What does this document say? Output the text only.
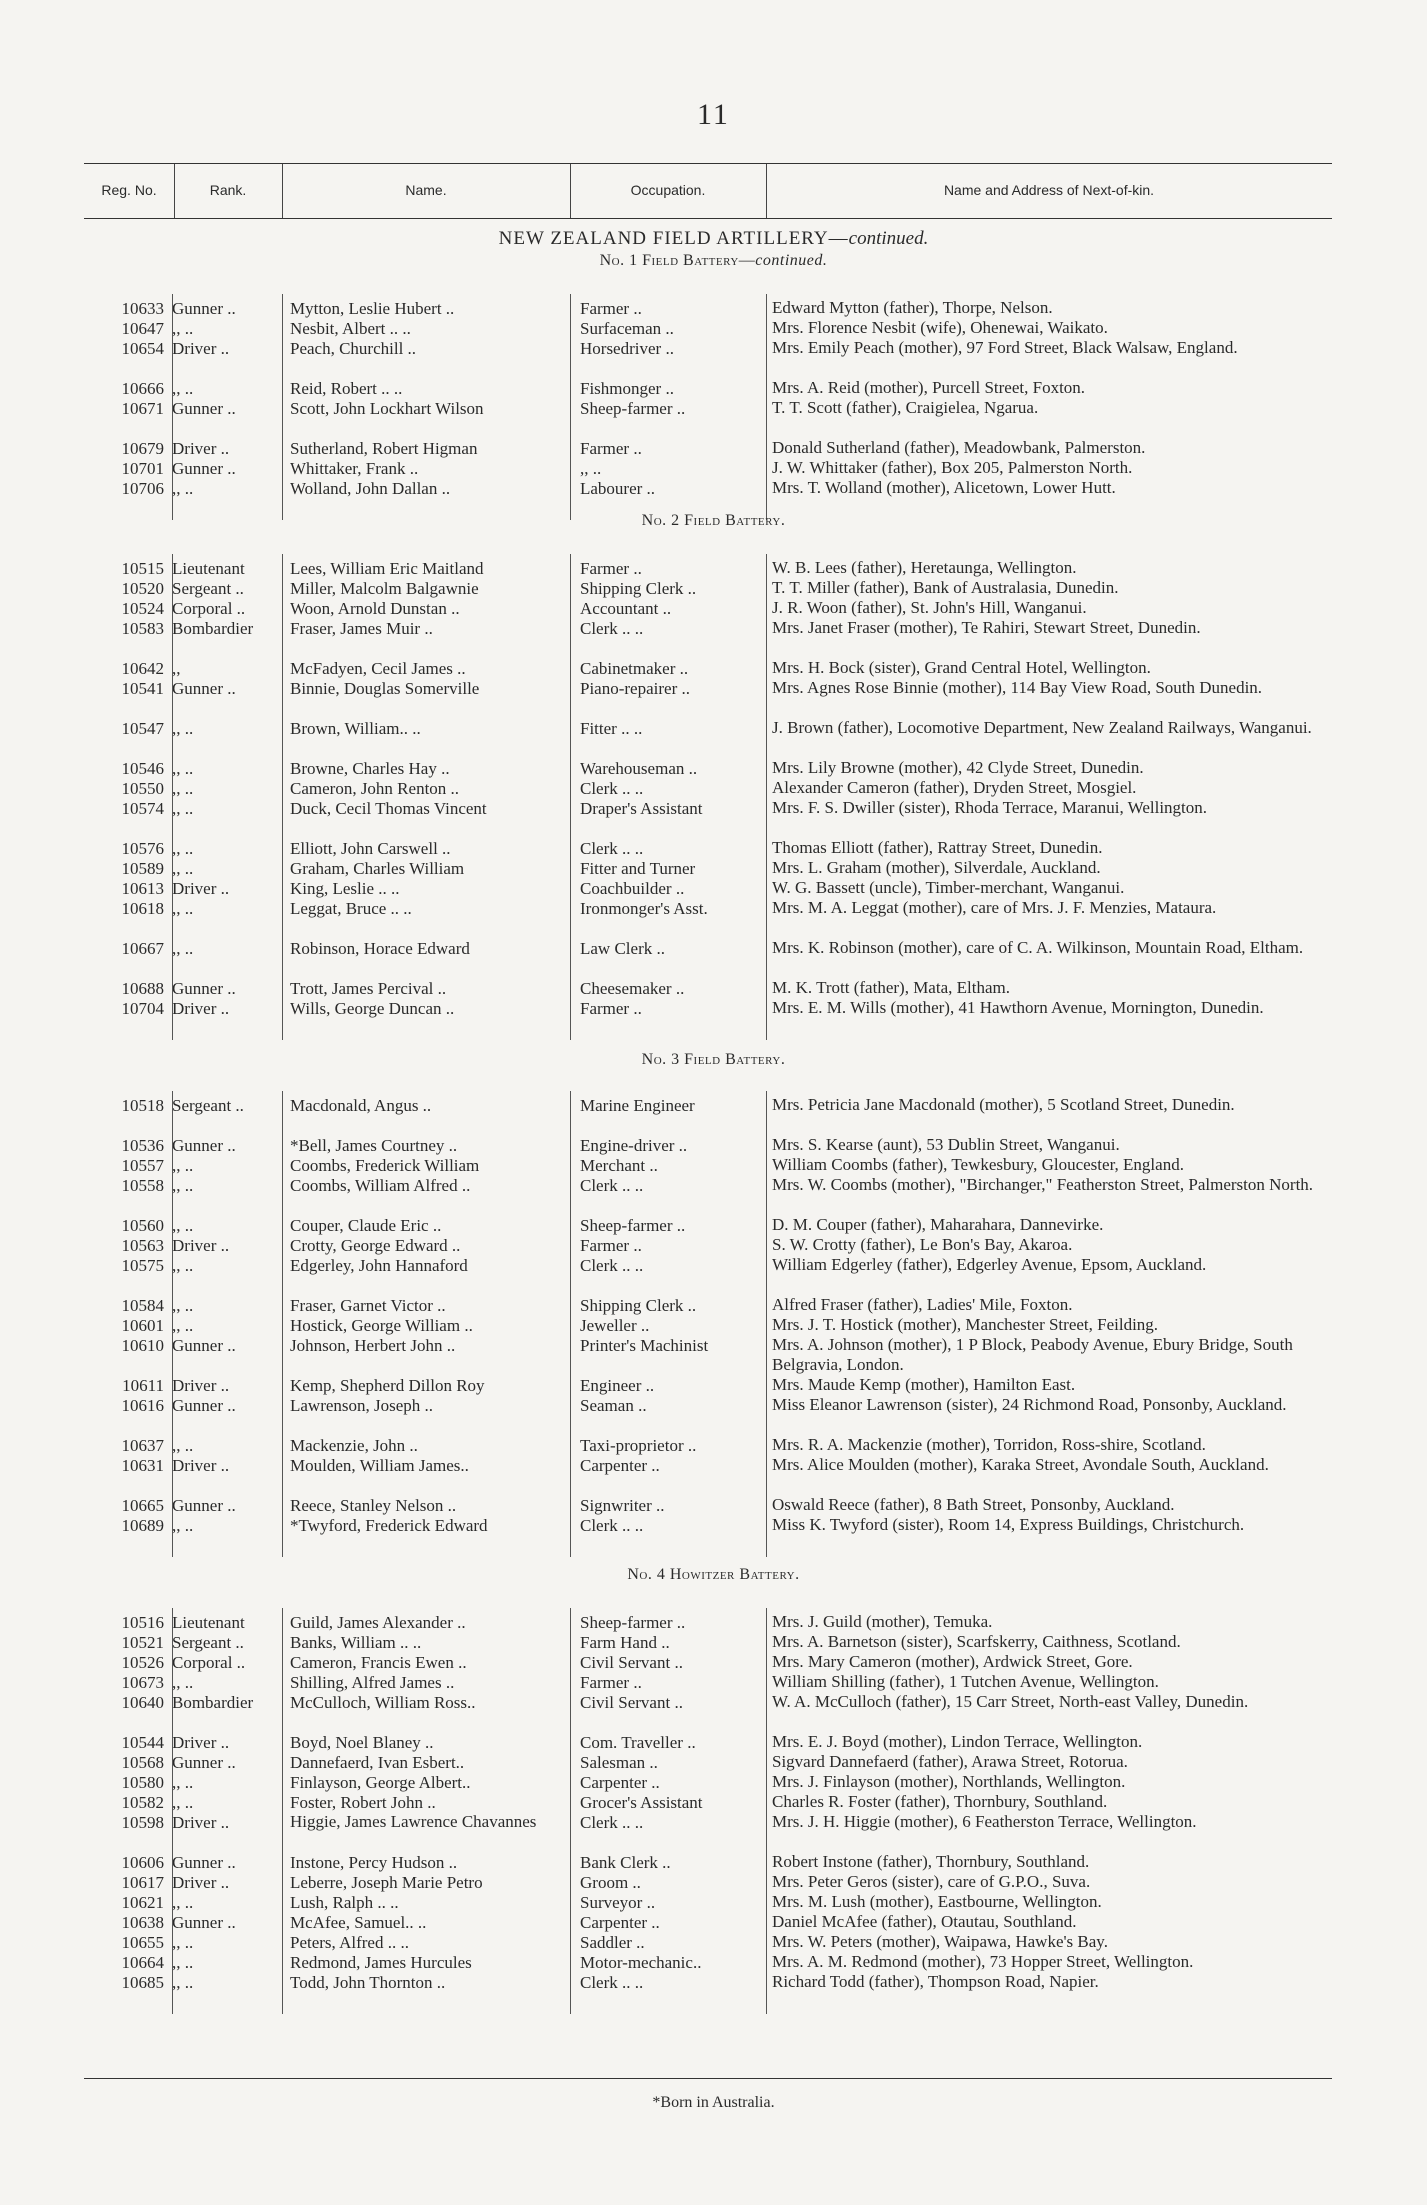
11
Reg. No.	Rank.	Name.	Occupation.	Name and Address of Next-of-kin.
NEW ZEALAND FIELD ARTILLERY—continued.
No. 1 Field Battery—continued.
10633 Gunner ..	Mytton, Leslie Hubert ..	Farmer ..	Edward Mytton (father), Thorpe, Nelson.
10647 ,, ..	Nesbit, Albert .. ..	Surfaceman ..	Mrs. Florence Nesbit (wife), Ohenewai, Waikato.
10654 Driver ..	Peach, Churchill ..	Horsedriver ..	Mrs. Emily Peach (mother), 97 Ford Street, Black Walsaw, England.
10666 ,, ..	Reid, Robert .. ..	Fishmonger ..	Mrs. A. Reid (mother), Purcell Street, Foxton.
10671 Gunner ..	Scott, John Lockhart Wilson	Sheep-farmer ..	T. T. Scott (father), Craigielea, Ngarua.
10679 Driver ..	Sutherland, Robert Higman	Farmer ..	Donald Sutherland (father), Meadowbank, Palmerston.
10701 Gunner ..	Whittaker, Frank ..	,, ..	J. W. Whittaker (father), Box 205, Palmerston North.
10706 ,, ..	Wolland, John Dallan ..	Labourer ..	Mrs. T. Wolland (mother), Alicetown, Lower Hutt.
No. 2 Field Battery.
10515 Lieutenant	Lees, William Eric Maitland	Farmer ..	W. B. Lees (father), Heretaunga, Wellington.
10520 Sergeant ..	Miller, Malcolm Balgawnie	Shipping Clerk ..	T. T. Miller (father), Bank of Australasia, Dunedin.
10524 Corporal ..	Woon, Arnold Dunstan ..	Accountant ..	J. R. Woon (father), St. John's Hill, Wanganui.
10583 Bombardier	Fraser, James Muir ..	Clerk .. ..	Mrs. Janet Fraser (mother), Te Rahiri, Stewart Street, Dunedin.
10642 ,,	McFadyen, Cecil James ..	Cabinetmaker ..	Mrs. H. Bock (sister), Grand Central Hotel, Wellington.
10541 Gunner ..	Binnie, Douglas Somerville	Piano-repairer ..	Mrs. Agnes Rose Binnie (mother), 114 Bay View Road, South Dunedin.
10547 ,, ..	Brown, William.. ..	Fitter .. ..	J. Brown (father), Locomotive Department, New Zealand Railways, Wanganui.
10546 ,, ..	Browne, Charles Hay ..	Warehouseman ..	Mrs. Lily Browne (mother), 42 Clyde Street, Dunedin.
10550 ,, ..	Cameron, John Renton ..	Clerk .. ..	Alexander Cameron (father), Dryden Street, Mosgiel.
10574 ,, ..	Duck, Cecil Thomas Vincent	Draper's Assistant	Mrs. F. S. Dwiller (sister), Rhoda Terrace, Maranui, Wellington.
10576 ,, ..	Elliott, John Carswell ..	Clerk .. ..	Thomas Elliott (father), Rattray Street, Dunedin.
10589 ,, ..	Graham, Charles William	Fitter and Turner	Mrs. L. Graham (mother), Silverdale, Auckland.
10613 Driver ..	King, Leslie .. ..	Coachbuilder ..	W. G. Bassett (uncle), Timber-merchant, Wanganui.
10618 ,, ..	Leggat, Bruce .. ..	Ironmonger's Asst.	Mrs. M. A. Leggat (mother), care of Mrs. J. F. Menzies, Mataura.
10667 ,, ..	Robinson, Horace Edward	Law Clerk ..	Mrs. K. Robinson (mother), care of C. A. Wilkinson, Mountain Road, Eltham.
10688 Gunner ..	Trott, James Percival ..	Cheesemaker ..	M. K. Trott (father), Mata, Eltham.
10704 Driver ..	Wills, George Duncan ..	Farmer ..	Mrs. E. M. Wills (mother), 41 Hawthorn Avenue, Mornington, Dunedin.
No. 3 Field Battery.
10518 Sergeant ..	Macdonald, Angus ..	Marine Engineer	Mrs. Petricia Jane Macdonald (mother), 5 Scotland Street, Dunedin.
10536 Gunner ..	*Bell, James Courtney ..	Engine-driver ..	Mrs. S. Kearse (aunt), 53 Dublin Street, Wanganui.
10557 ,, ..	Coombs, Frederick William	Merchant ..	William Coombs (father), Tewkesbury, Gloucester, England.
10558 ,, ..	Coombs, William Alfred ..	Clerk .. ..	Mrs. W. Coombs (mother), "Birchanger," Featherston Street, Palmerston North.
10560 ,, ..	Couper, Claude Eric ..	Sheep-farmer ..	D. M. Couper (father), Maharahara, Dannevirke.
10563 Driver ..	Crotty, George Edward ..	Farmer ..	S. W. Crotty (father), Le Bon's Bay, Akaroa.
10575 ,, ..	Edgerley, John Hannaford	Clerk .. ..	William Edgerley (father), Edgerley Avenue, Epsom, Auckland.
10584 ,, ..	Fraser, Garnet Victor ..	Shipping Clerk ..	Alfred Fraser (father), Ladies' Mile, Foxton.
10601 ,, ..	Hostick, George William ..	Jeweller ..	Mrs. J. T. Hostick (mother), Manchester Street, Feilding.
10610 Gunner ..	Johnson, Herbert John ..	Printer's Machinist	Mrs. A. Johnson (mother), 1 P Block, Peabody Avenue, Ebury Bridge, South Belgravia, London.
10611 Driver ..	Kemp, Shepherd Dillon Roy	Engineer ..	Mrs. Maude Kemp (mother), Hamilton East.
10616 Gunner ..	Lawrenson, Joseph ..	Seaman ..	Miss Eleanor Lawrenson (sister), 24 Richmond Road, Ponsonby, Auckland.
10637 ,, ..	Mackenzie, John ..	Taxi-proprietor ..	Mrs. R. A. Mackenzie (mother), Torridon, Ross-shire, Scotland.
10631 Driver ..	Moulden, William James..	Carpenter ..	Mrs. Alice Moulden (mother), Karaka Street, Avondale South, Auckland.
10665 Gunner ..	Reece, Stanley Nelson ..	Signwriter ..	Oswald Reece (father), 8 Bath Street, Ponsonby, Auckland.
10689 ,, ..	*Twyford, Frederick Edward	Clerk .. ..	Miss K. Twyford (sister), Room 14, Express Buildings, Christchurch.
No. 4 Howitzer Battery.
10516 Lieutenant	Guild, James Alexander ..	Sheep-farmer ..	Mrs. J. Guild (mother), Temuka.
10521 Sergeant ..	Banks, William .. ..	Farm Hand ..	Mrs. A. Barnetson (sister), Scarfskerry, Caithness, Scotland.
10526 Corporal ..	Cameron, Francis Ewen ..	Civil Servant ..	Mrs. Mary Cameron (mother), Ardwick Street, Gore.
10673 ,, ..	Shilling, Alfred James ..	Farmer ..	William Shilling (father), 1 Tutchen Avenue, Wellington.
10640 Bombardier	McCulloch, William Ross..	Civil Servant ..	W. A. McCulloch (father), 15 Carr Street, North-east Valley, Dunedin.
10544 Driver ..	Boyd, Noel Blaney ..	Com. Traveller ..	Mrs. E. J. Boyd (mother), Lindon Terrace, Wellington.
10568 Gunner ..	Dannefaerd, Ivan Esbert..	Salesman ..	Sigvard Dannefaerd (father), Arawa Street, Rotorua.
10580 ,, ..	Finlayson, George Albert..	Carpenter ..	Mrs. J. Finlayson (mother), Northlands, Wellington.
10582 ,, ..	Foster, Robert John ..	Grocer's Assistant	Charles R. Foster (father), Thornbury, Southland.
10598 Driver ..	Higgie, James Lawrence Chavannes	Clerk .. ..	Mrs. J. H. Higgie (mother), 6 Featherston Terrace, Wellington.
10606 Gunner ..	Instone, Percy Hudson ..	Bank Clerk ..	Robert Instone (father), Thornbury, Southland.
10617 Driver ..	Leberre, Joseph Marie Petro	Groom ..	Mrs. Peter Geros (sister), care of G.P.O., Suva.
10621 ,, ..	Lush, Ralph .. ..	Surveyor ..	Mrs. M. Lush (mother), Eastbourne, Wellington.
10638 Gunner ..	McAfee, Samuel.. ..	Carpenter ..	Daniel McAfee (father), Otautau, Southland.
10655 ,, ..	Peters, Alfred .. ..	Saddler ..	Mrs. W. Peters (mother), Waipawa, Hawke's Bay.
10664 ,, ..	Redmond, James Hurcules	Motor-mechanic..	Mrs. A. M. Redmond (mother), 73 Hopper Street, Wellington.
10685 ,, ..	Todd, John Thornton ..	Clerk .. ..	Richard Todd (father), Thompson Road, Napier.
*Born in Australia.
